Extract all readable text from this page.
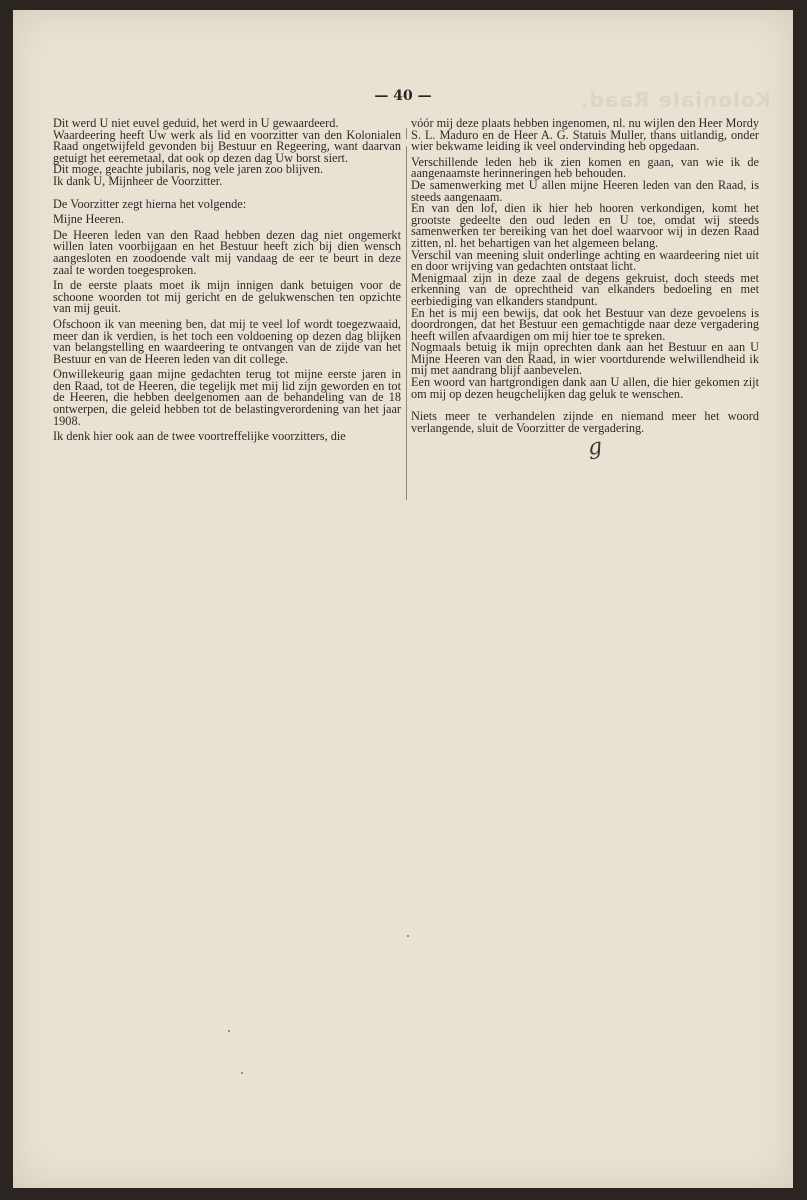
Koloniale Raad.
— 40 —

Dit werd U niet euvel geduid, het werd in U gewaardeerd.

Waardeering heeft Uw werk als lid en voorzitter van den Kolonialen Raad ongetwijfeld gevonden bij Bestuur en Regeering, want daarvan getuigt het eeremetaal, dat ook op dezen dag Uw borst siert.

Dit moge, geachte jubilaris, nog vele jaren zoo blijven.

Ik dank U, Mijnheer de Voorzitter.

De Voorzitter zegt hierna het volgende:

Mijne Heeren.

De Heeren leden van den Raad hebben dezen dag niet ongemerkt willen laten voorbijgaan en het Bestuur heeft zich bij dien wensch aangesloten en zoodoende valt mij vandaag de eer te beurt in deze zaal te worden toegesproken.

In de eerste plaats moet ik mijn innigen dank betuigen voor de schoone woorden tot mij gericht en de gelukwenschen ten opzichte van mij geuit.

Ofschoon ik van meening ben, dat mij te veel lof wordt toegezwaaid, meer dan ik verdien, is het toch een voldoening op dezen dag blijken van belangstelling en waardeering te ontvangen van de zijde van het Bestuur en van de Heeren leden van dit college.

Onwillekeurig gaan mijne gedachten terug tot mijne eerste jaren in den Raad, tot de Heeren, die tegelijk met mij lid zijn geworden en tot de Heeren, die hebben deelgenomen aan de behandeling van de 18 ontwerpen, die geleid hebben tot de belastingverordening van het jaar 1908.

Ik denk hier ook aan de twee voortreffelijke voorzitters, die

vóór mij deze plaats hebben ingenomen, nl. nu wijlen den Heer Mordy S. L. Maduro en de Heer A. G. Statuis Muller, thans uitlandig, onder wier bekwame leiding ik veel ondervinding heb opgedaan.

Verschillende leden heb ik zien komen en gaan, van wie ik de aangenaamste herinneringen heb behouden.

De samenwerking met U allen mijne Heeren leden van den Raad, is steeds aangenaam.

En van den lof, dien ik hier heb hooren verkondigen, komt het grootste gedeelte den oud leden en U toe, omdat wij steeds samenwerken ter bereiking van het doel waarvoor wij in dezen Raad zitten, nl. het behartigen van het algemeen belang.

Verschil van meening sluit onderlinge achting en waardeering niet uit en door wrijving van gedachten ontstaat licht.

Menigmaal zijn in deze zaal de degens gekruist, doch steeds met erkenning van de oprechtheid van elkanders bedoeling en met eerbiediging van elkanders standpunt.

En het is mij een bewijs, dat ook het Bestuur van deze gevoelens is doordrongen, dat het Bestuur een gemachtigde naar deze vergadering heeft willen afvaardigen om mij hier toe te spreken.

Nogmaals betuig ik mijn oprechten dank aan het Bestuur en aan U Mijne Heeren van den Raad, in wier voortdurende welwillendheid ik mij met aandrang blijf aanbevelen.

Een woord van hartgrondigen dank aan U allen, die hier gekomen zijt om mij op dezen heugchelijken dag geluk te wenschen.

Niets meer te verhandelen zijnde en niemand meer het woord verlangende, sluit de Voorzitter de vergadering.

g
